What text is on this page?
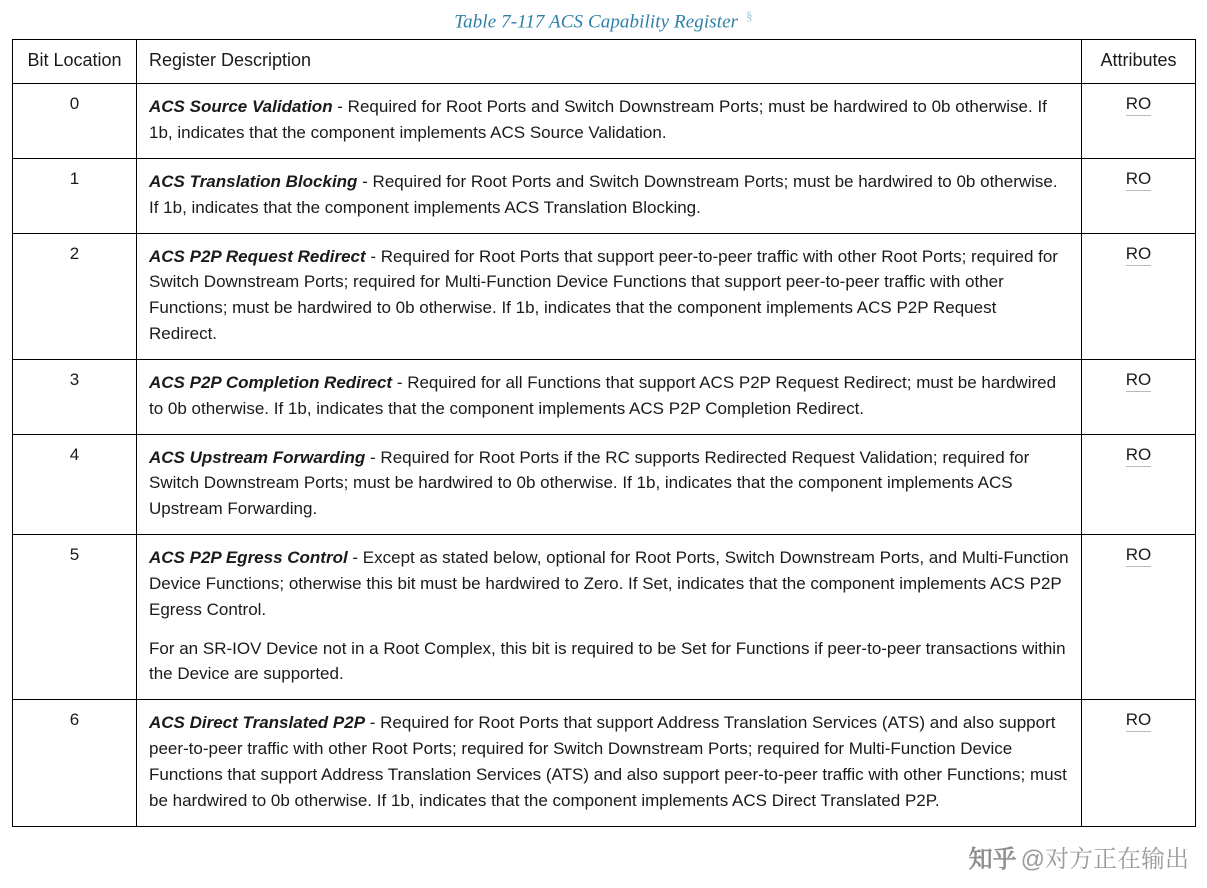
Table 7-117 ACS Capability Register §
Bit Location	Register Description	Attributes
0	ACS Source Validation - Required for Root Ports and Switch Downstream Ports; must be hardwired to 0b otherwise. If 1b, indicates that the component implements ACS Source Validation.	RO
1	ACS Translation Blocking - Required for Root Ports and Switch Downstream Ports; must be hardwired to 0b otherwise. If 1b, indicates that the component implements ACS Translation Blocking.	RO
2	ACS P2P Request Redirect - Required for Root Ports that support peer-to-peer traffic with other Root Ports; required for Switch Downstream Ports; required for Multi-Function Device Functions that support peer-to-peer traffic with other Functions; must be hardwired to 0b otherwise. If 1b, indicates that the component implements ACS P2P Request Redirect.	RO
3	ACS P2P Completion Redirect - Required for all Functions that support ACS P2P Request Redirect; must be hardwired to 0b otherwise. If 1b, indicates that the component implements ACS P2P Completion Redirect.	RO
4	ACS Upstream Forwarding - Required for Root Ports if the RC supports Redirected Request Validation; required for Switch Downstream Ports; must be hardwired to 0b otherwise. If 1b, indicates that the component implements ACS Upstream Forwarding.	RO
5	ACS P2P Egress Control - Except as stated below, optional for Root Ports, Switch Downstream Ports, and Multi-Function Device Functions; otherwise this bit must be hardwired to Zero. If Set, indicates that the component implements ACS P2P Egress Control.

For an SR-IOV Device not in a Root Complex, this bit is required to be Set for Functions if peer-to-peer transactions within the Device are supported.	RO
6	ACS Direct Translated P2P - Required for Root Ports that support Address Translation Services (ATS) and also support peer-to-peer traffic with other Root Ports; required for Switch Downstream Ports; required for Multi-Function Device Functions that support Address Translation Services (ATS) and also support peer-to-peer traffic with other Functions; must be hardwired to 0b otherwise. If 1b, indicates that the component implements ACS Direct Translated P2P.	RO
知乎 @对方正在输出
